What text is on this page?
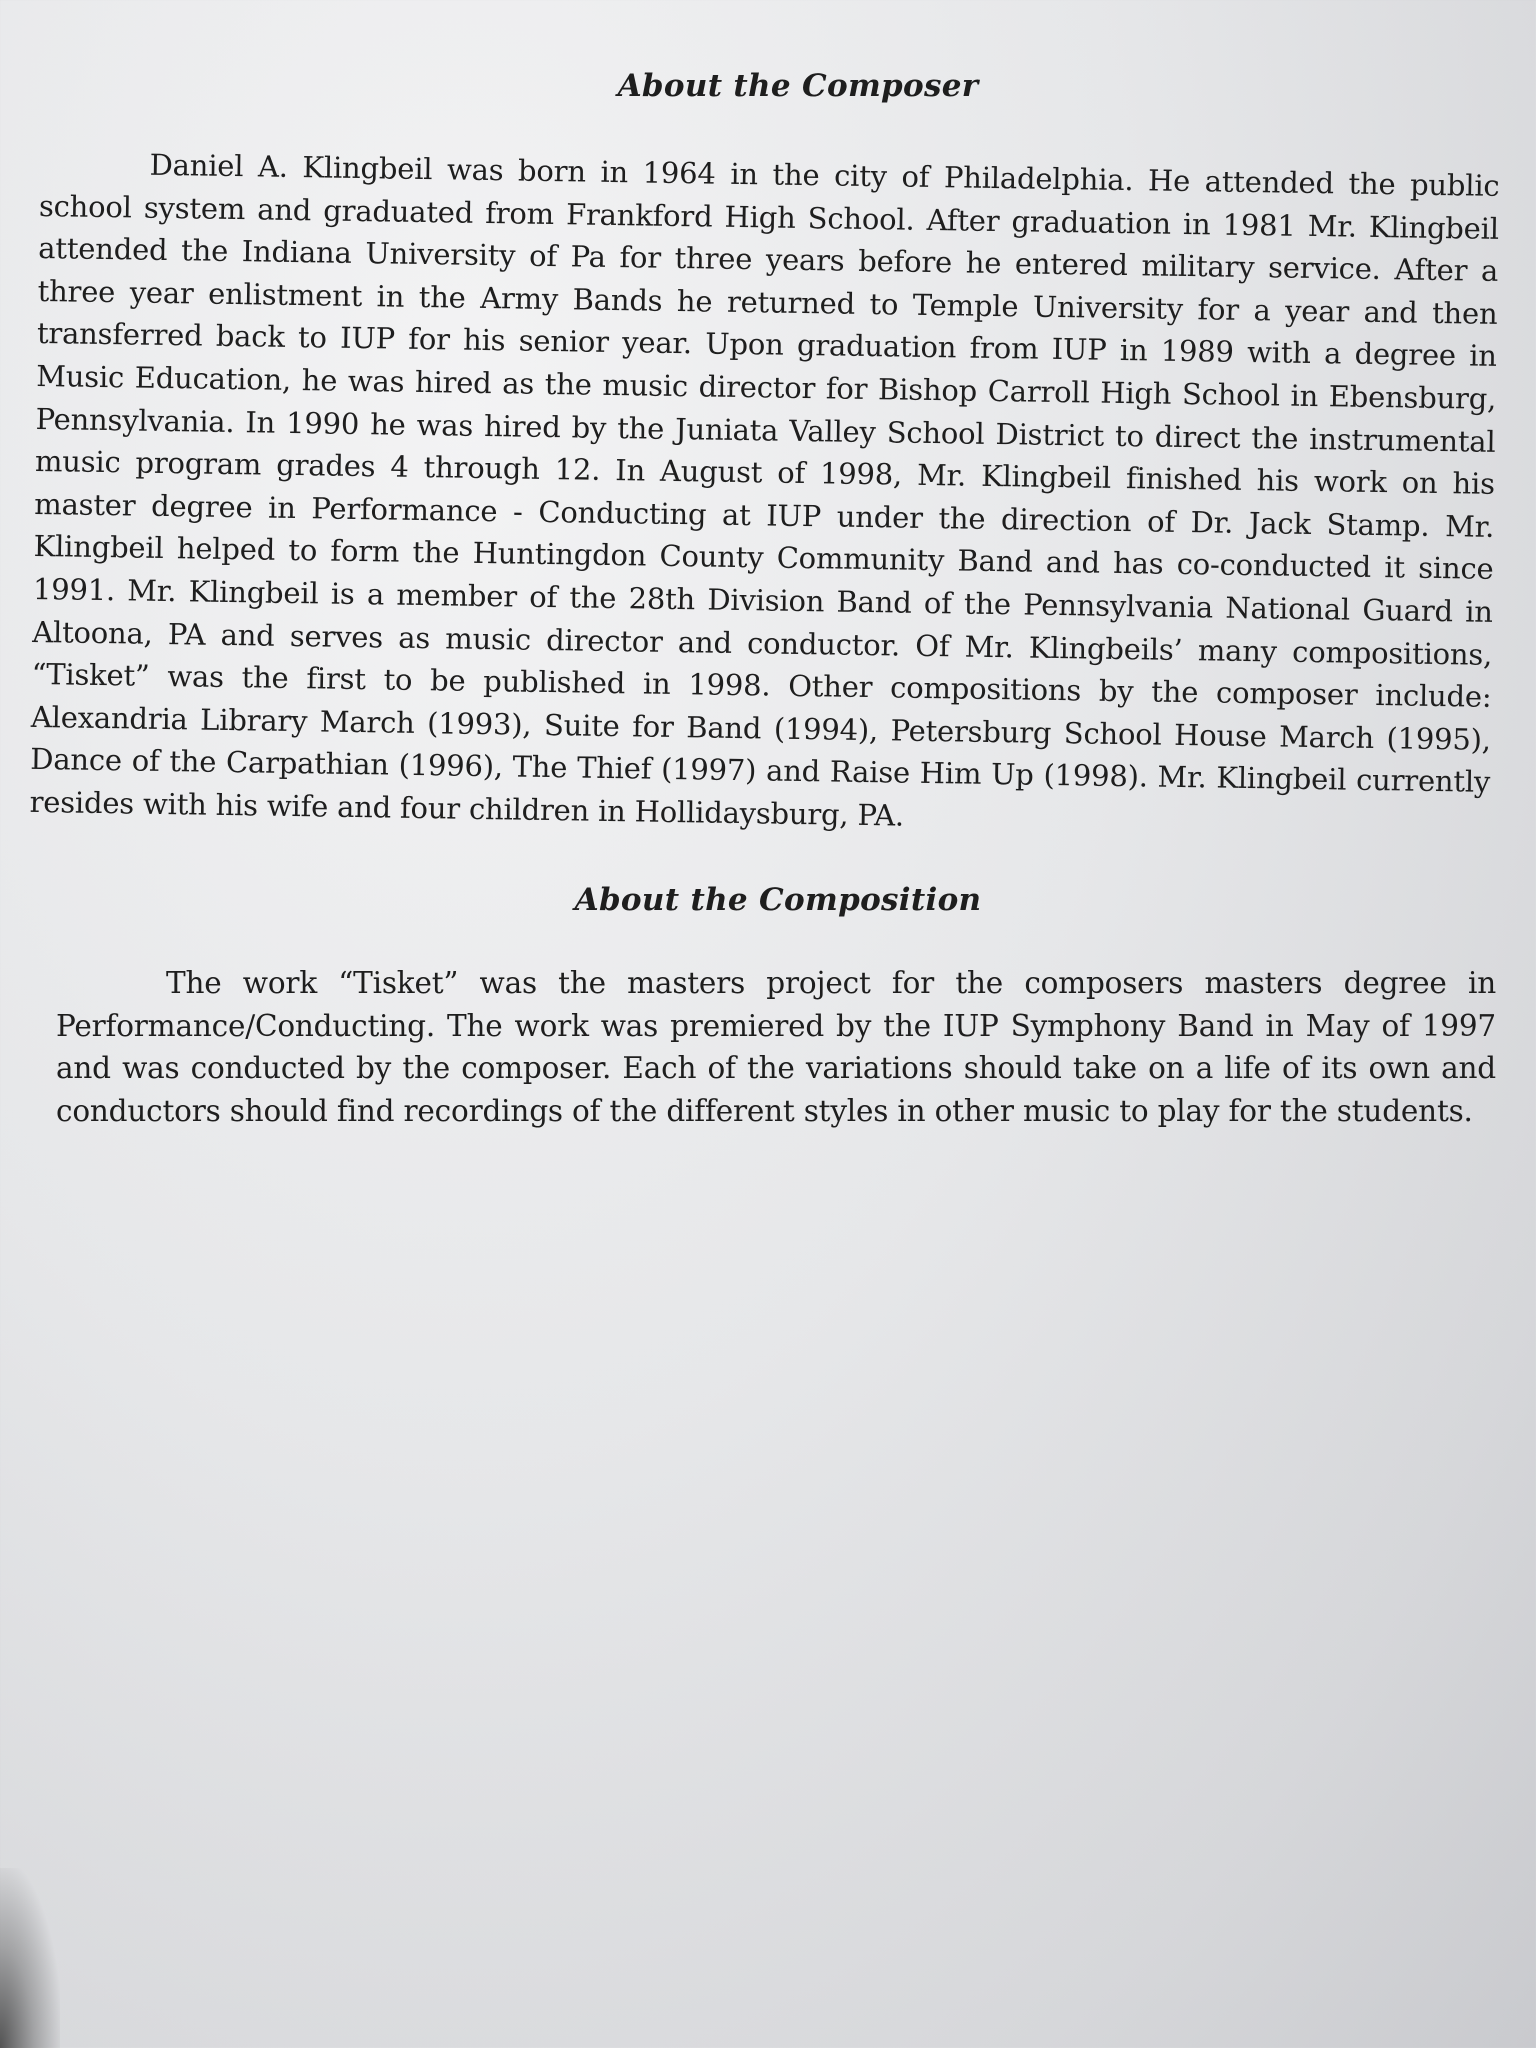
About the Composer

Daniel A. Klingbeil was born in 1964 in the city of Philadelphia. He attended the public school system and graduated from Frankford High School. After graduation in 1981 Mr. Klingbeil attended the Indiana University of Pa for three years before he entered military service. After a three year enlistment in the Army Bands he returned to Temple University for a year and then transferred back to IUP for his senior year. Upon graduation from IUP in 1989 with a degree in Music Education, he was hired as the music director for Bishop Carroll High School in Ebensburg, Pennsylvania. In 1990 he was hired by the Juniata Valley School District to direct the instrumental music program grades 4 through 12. In August of 1998, Mr. Klingbeil finished his work on his master degree in Performance - Conducting at IUP under the direction of Dr. Jack Stamp. Mr. Klingbeil helped to form the Huntingdon County Community Band and has co-conducted it since 1991. Mr. Klingbeil is a member of the 28th Division Band of the Pennsylvania National Guard in Altoona, PA and serves as music director and conductor. Of Mr. Klingbeils’ many compositions, “Tisket” was the first to be published in 1998. Other compositions by the composer include: Alexandria Library March (1993), Suite for Band (1994), Petersburg School House March (1995), Dance of the Carpathian (1996), The Thief (1997) and Raise Him Up (1998). Mr. Klingbeil currently resides with his wife and four children in Hollidaysburg, PA.

About the Composition

The work “Tisket” was the masters project for the composers masters degree in Performance/Conducting. The work was premiered by the IUP Symphony Band in May of 1997 and was conducted by the composer. Each of the variations should take on a life of its own and conductors should find recordings of the different styles in other music to play for the students.
